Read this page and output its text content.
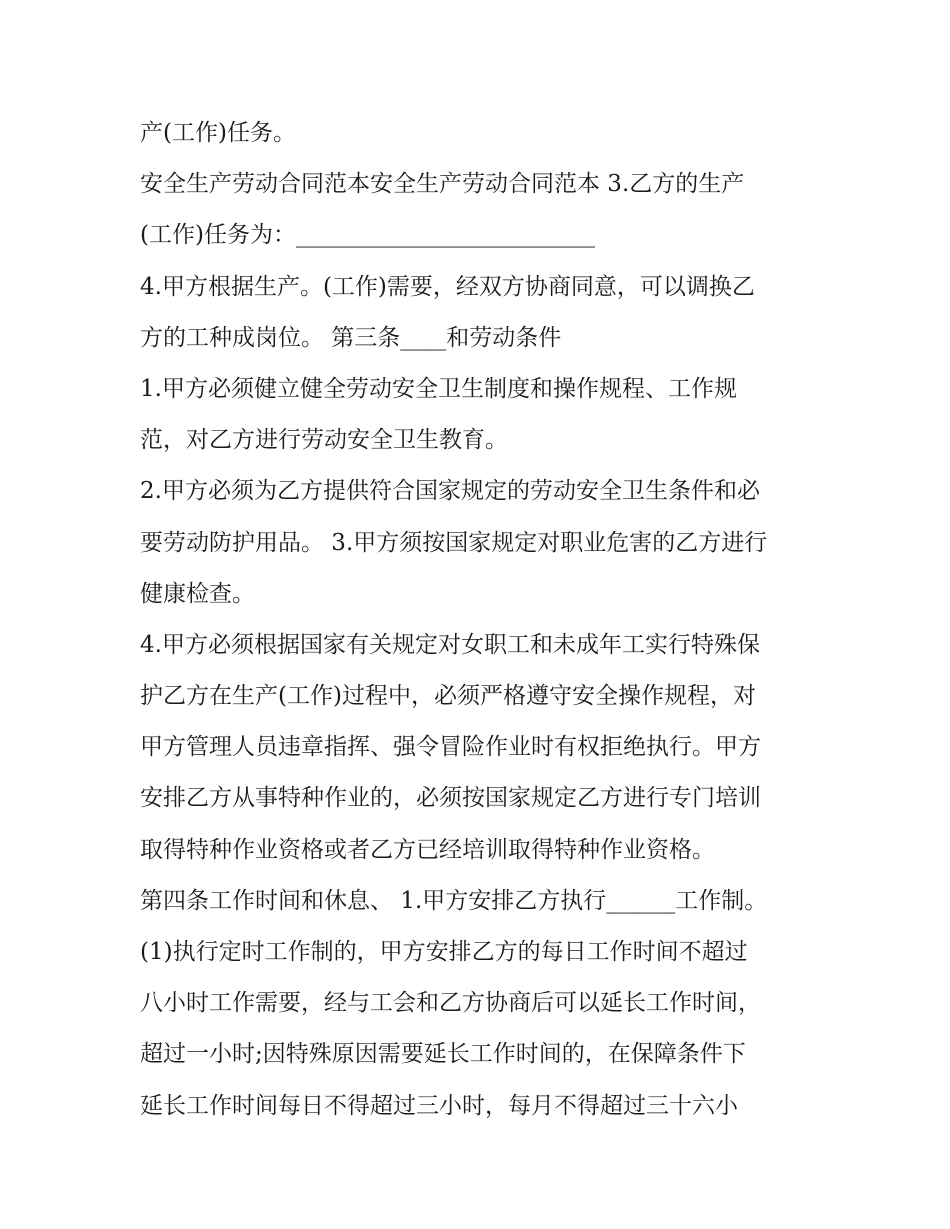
产(工作)任务。
安全生产劳动合同范本安全生产劳动合同范本 3.乙方的生产
(工作)任务为：__________________________
4.甲方根据生产。(工作)需要，经双方协商同意，可以调换乙
方的工种成岗位。 第三条____和劳动条件
1.甲方必须健立健全劳动安全卫生制度和操作规程、工作规
范，对乙方进行劳动安全卫生教育。
2.甲方必须为乙方提供符合国家规定的劳动安全卫生条件和必
要劳动防护用品。 3.甲方须按国家规定对职业危害的乙方进行
健康检查。
4.甲方必须根据国家有关规定对女职工和未成年工实行特殊保
护乙方在生产(工作)过程中，必须严格遵守安全操作规程，对
甲方管理人员违章指挥、强令冒险作业时有权拒绝执行。甲方
安排乙方从事特种作业的，必须按国家规定乙方进行专门培训
取得特种作业资格或者乙方已经培训取得特种作业资格。
第四条工作时间和休息、 1.甲方安排乙方执行______工作制。
(1)执行定时工作制的，甲方安排乙方的每日工作时间不超过
八小时工作需要，经与工会和乙方协商后可以延长工作时间，
超过一小时;因特殊原因需要延长工作时间的，在保障条件下
延长工作时间每日不得超过三小时，每月不得超过三十六小
